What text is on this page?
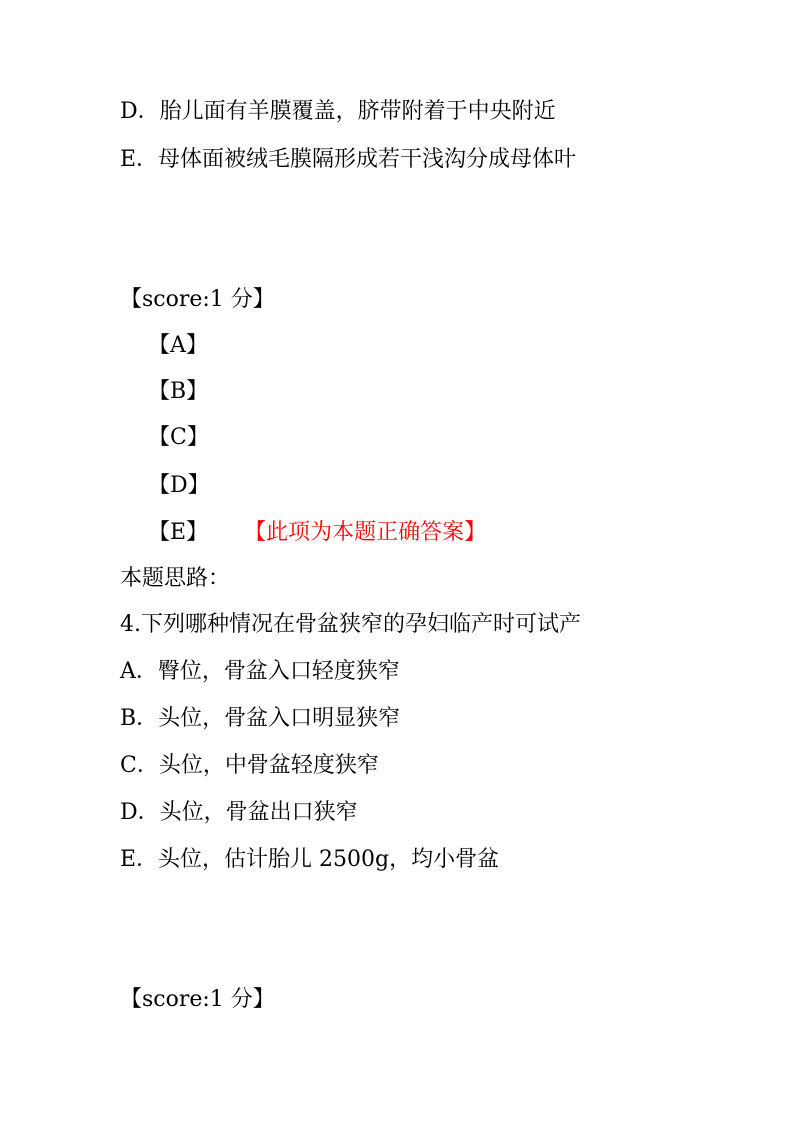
D．胎儿面有羊膜覆盖，脐带附着于中央附近
E．母体面被绒毛膜隔形成若干浅沟分成母体叶
【score:1 分】
【A】
【B】
【C】
【D】
【E】 【此项为本题正确答案】
本题思路：
4.下列哪种情况在骨盆狭窄的孕妇临产时可试产
A．臀位，骨盆入口轻度狭窄
B．头位，骨盆入口明显狭窄
C．头位，中骨盆轻度狭窄
D．头位，骨盆出口狭窄
E．头位，估计胎儿 2500g，均小骨盆
【score:1 分】
